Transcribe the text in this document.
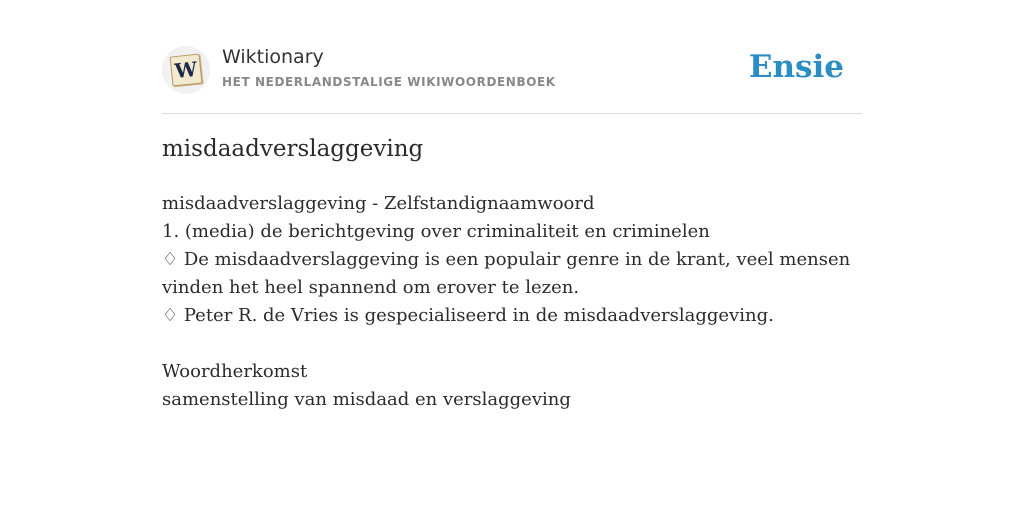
W Wiktionary
HET NEDERLANDSTALIGE WIKIWOORDENBOEK	Ensie
misdaadverslaggeving
misdaadverslaggeving - Zelfstandignaamwoord
1. (media) de berichtgeving over criminaliteit en criminelen
♢ De misdaadverslaggeving is een populair genre in de krant, veel mensen
vinden het heel spannend om erover te lezen.
♢ Peter R. de Vries is gespecialiseerd in de misdaadverslaggeving.
Woordherkomst
samenstelling van misdaad en verslaggeving
